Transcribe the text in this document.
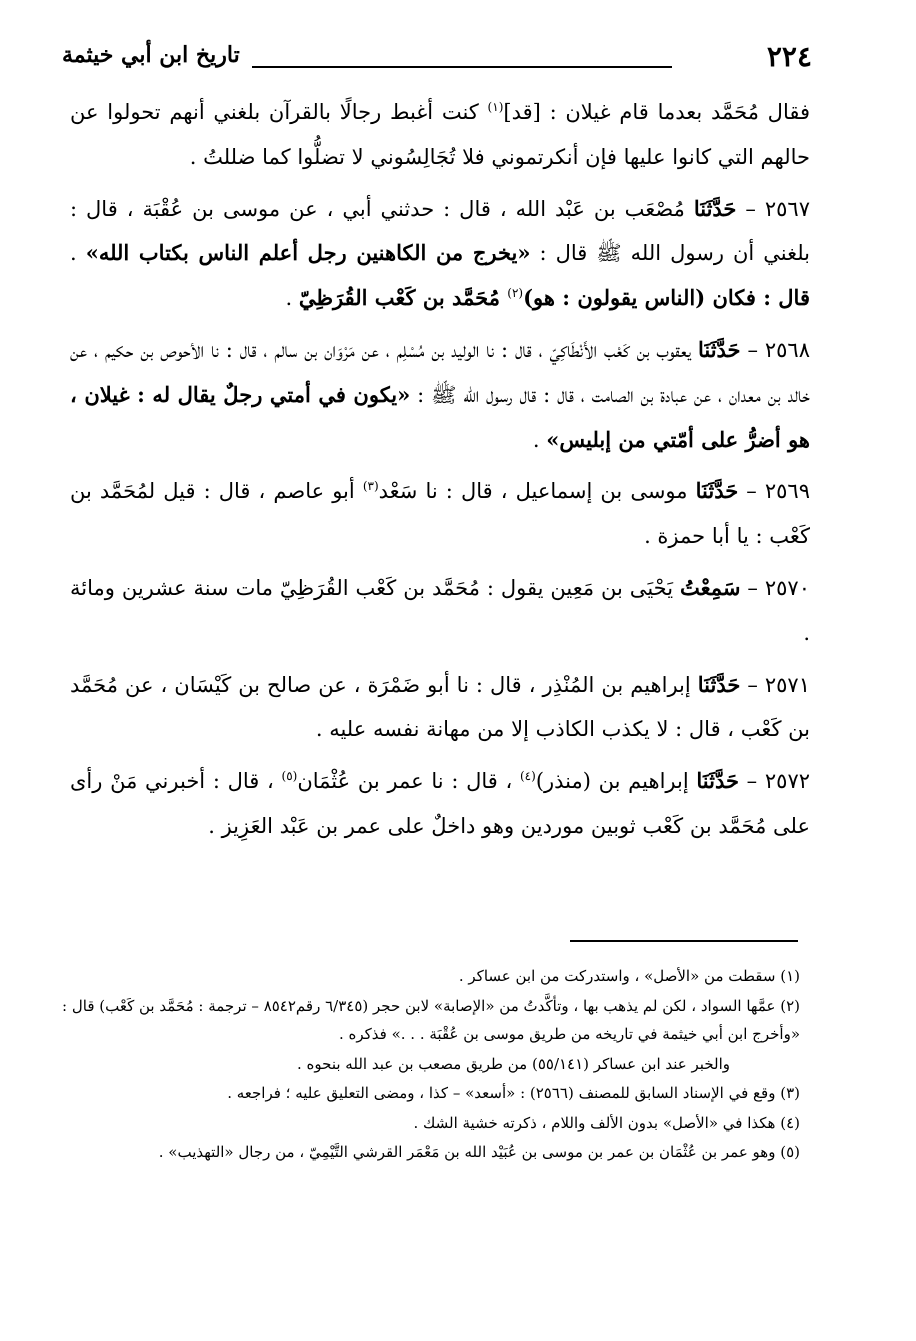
٢٢٤
تاريخ ابن أبي خيثمة

فقال مُحَمَّد بعدما قام غيلان : [قد]$^{(١)}$ كنت أغبط رجالًا بالقرآن بلغني أنهم تحولوا عن حالهم التي كانوا عليها فإن أنكرتموني فلا تُجَالِسُوني لا تضلُّوا كما ضللتُ .

٢٥٦٧ – حَدَّثَنَا مُصْعَب بن عَبْد الله ، قال : حدثني أبي ، عن موسى بن عُقْبَة ، قال : بلغني أن رسول الله ﷺ قال : «يخرج من الكاهنين رجل أعلم الناس بكتاب الله» . قال : فكان (الناس يقولون : هو)$^{(٢)}$ مُحَمَّد بن كَعْب القُرَظِيّ .

٢٥٦٨ – حَدَّثَنَا يعقوب بن كَعْب الأَنْطَاكِيّ ، قال : نا الوليد بن مُسْلِم ، عن مَرْوَان بن سالم ، قال : نا الأحوص بن حكيم ، عن خالد بن معدان ، عن عبادة بن الصامت ، قال : قال رسول الله ﷺ : «يكون في أمتي رجلٌ يقال له : غيلان ، هو أضرُّ على أمّتي من إبليس» .

٢٥٦٩ – حَدَّثَنَا موسى بن إسماعيل ، قال : نا سَعْد$^{(٣)}$ أبو عاصم ، قال : قيل لمُحَمَّد بن كَعْب : يا أبا حمزة .

٢٥٧٠ – سَمِعْتُ يَحْيَى بن مَعِين يقول : مُحَمَّد بن كَعْب القُرَظِيّ مات سنة عشرين ومائة .

٢٥٧١ – حَدَّثَنَا إبراهيم بن المُنْذِر ، قال : نا أبو ضَمْرَة ، عن صالح بن كَيْسَان ، عن مُحَمَّد بن كَعْب ، قال : لا يكذب الكاذب إلا من مهانة نفسه عليه .

٢٥٧٢ – حَدَّثَنَا إبراهيم بن (منذر)$^{(٤)}$ ، قال : نا عمر بن عُثْمَان$^{(٥)}$ ، قال : أخبرني مَنْ رأى على مُحَمَّد بن كَعْب ثوبين موردين وهو داخلٌ على عمر بن عَبْد العَزِيز .

(١) سقطت من «الأصل» ، واستدركت من ابن عساكر .

(٢) عمَّها السواد ، لكن لم يذهب بها ، وتأكَّدتُ من «الإصابة» لابن حجر (٦/٣٤٥ رقم٨٥٤٢ – ترجمة : مُحَمَّد بن كَعْب) قال : «وأخرج ابن أبي خيثمة في تاريخه من طريق موسى بن عُقْبَة . . .» فذكره .

والخبر عند ابن عساكر (٥٥/١٤١) من طريق مصعب بن عبد الله بنحوه .

(٣) وقع في الإسناد السابق للمصنف (٢٥٦٦) : «أسعد» – كذا ، ومضى التعليق عليه ؛ فراجعه .

(٤) هكذا في «الأصل» بدون الألف واللام ، ذكرته خشية الشك .

(٥) وهو عمر بن عُثْمَان بن عمر بن موسى بن عُبَيْد الله بن مَعْمَر القرشي التَّيْمِيّ ، من رجال «التهذيب» .
